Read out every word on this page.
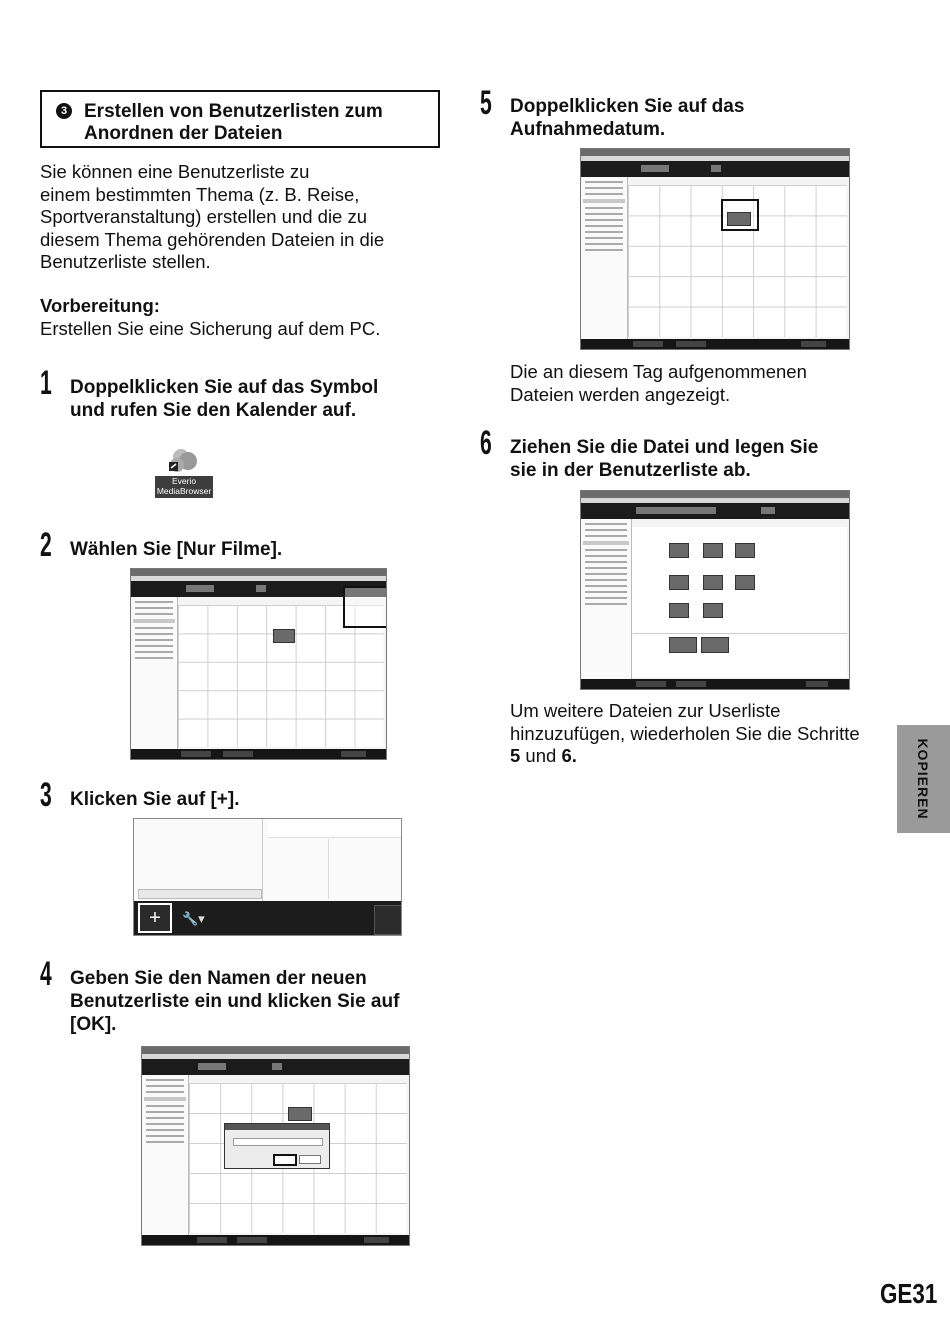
3 Erstellen von Benutzerlisten zum Anordnen der Dateien
Sie können eine Benutzerliste zu
einem bestimmten Thema (z. B. Reise,
Sportveranstaltung) erstellen und die zu
diesem Thema gehörenden Dateien in die
Benutzerliste stellen.
Vorbereitung:
Erstellen Sie eine Sicherung auf dem PC.
1 Doppelklicken Sie auf das Symbol
und rufen Sie den Kalender auf.
Everio
MediaBrowser
2 Wählen Sie [Nur Filme].
3 Klicken Sie auf [+].
+	🔧▾
4 Geben Sie den Namen der neuen
Benutzerliste ein und klicken Sie auf
[OK].
5 Doppelklicken Sie auf das
Aufnahmedatum.
Die an diesem Tag aufgenommenen
Dateien werden angezeigt.
6 Ziehen Sie die Datei und legen Sie
sie in der Benutzerliste ab.
Um weitere Dateien zur Userliste
hinzuzufügen, wiederholen Sie die Schritte
5 und 6.	KOPIEREN
GE31
